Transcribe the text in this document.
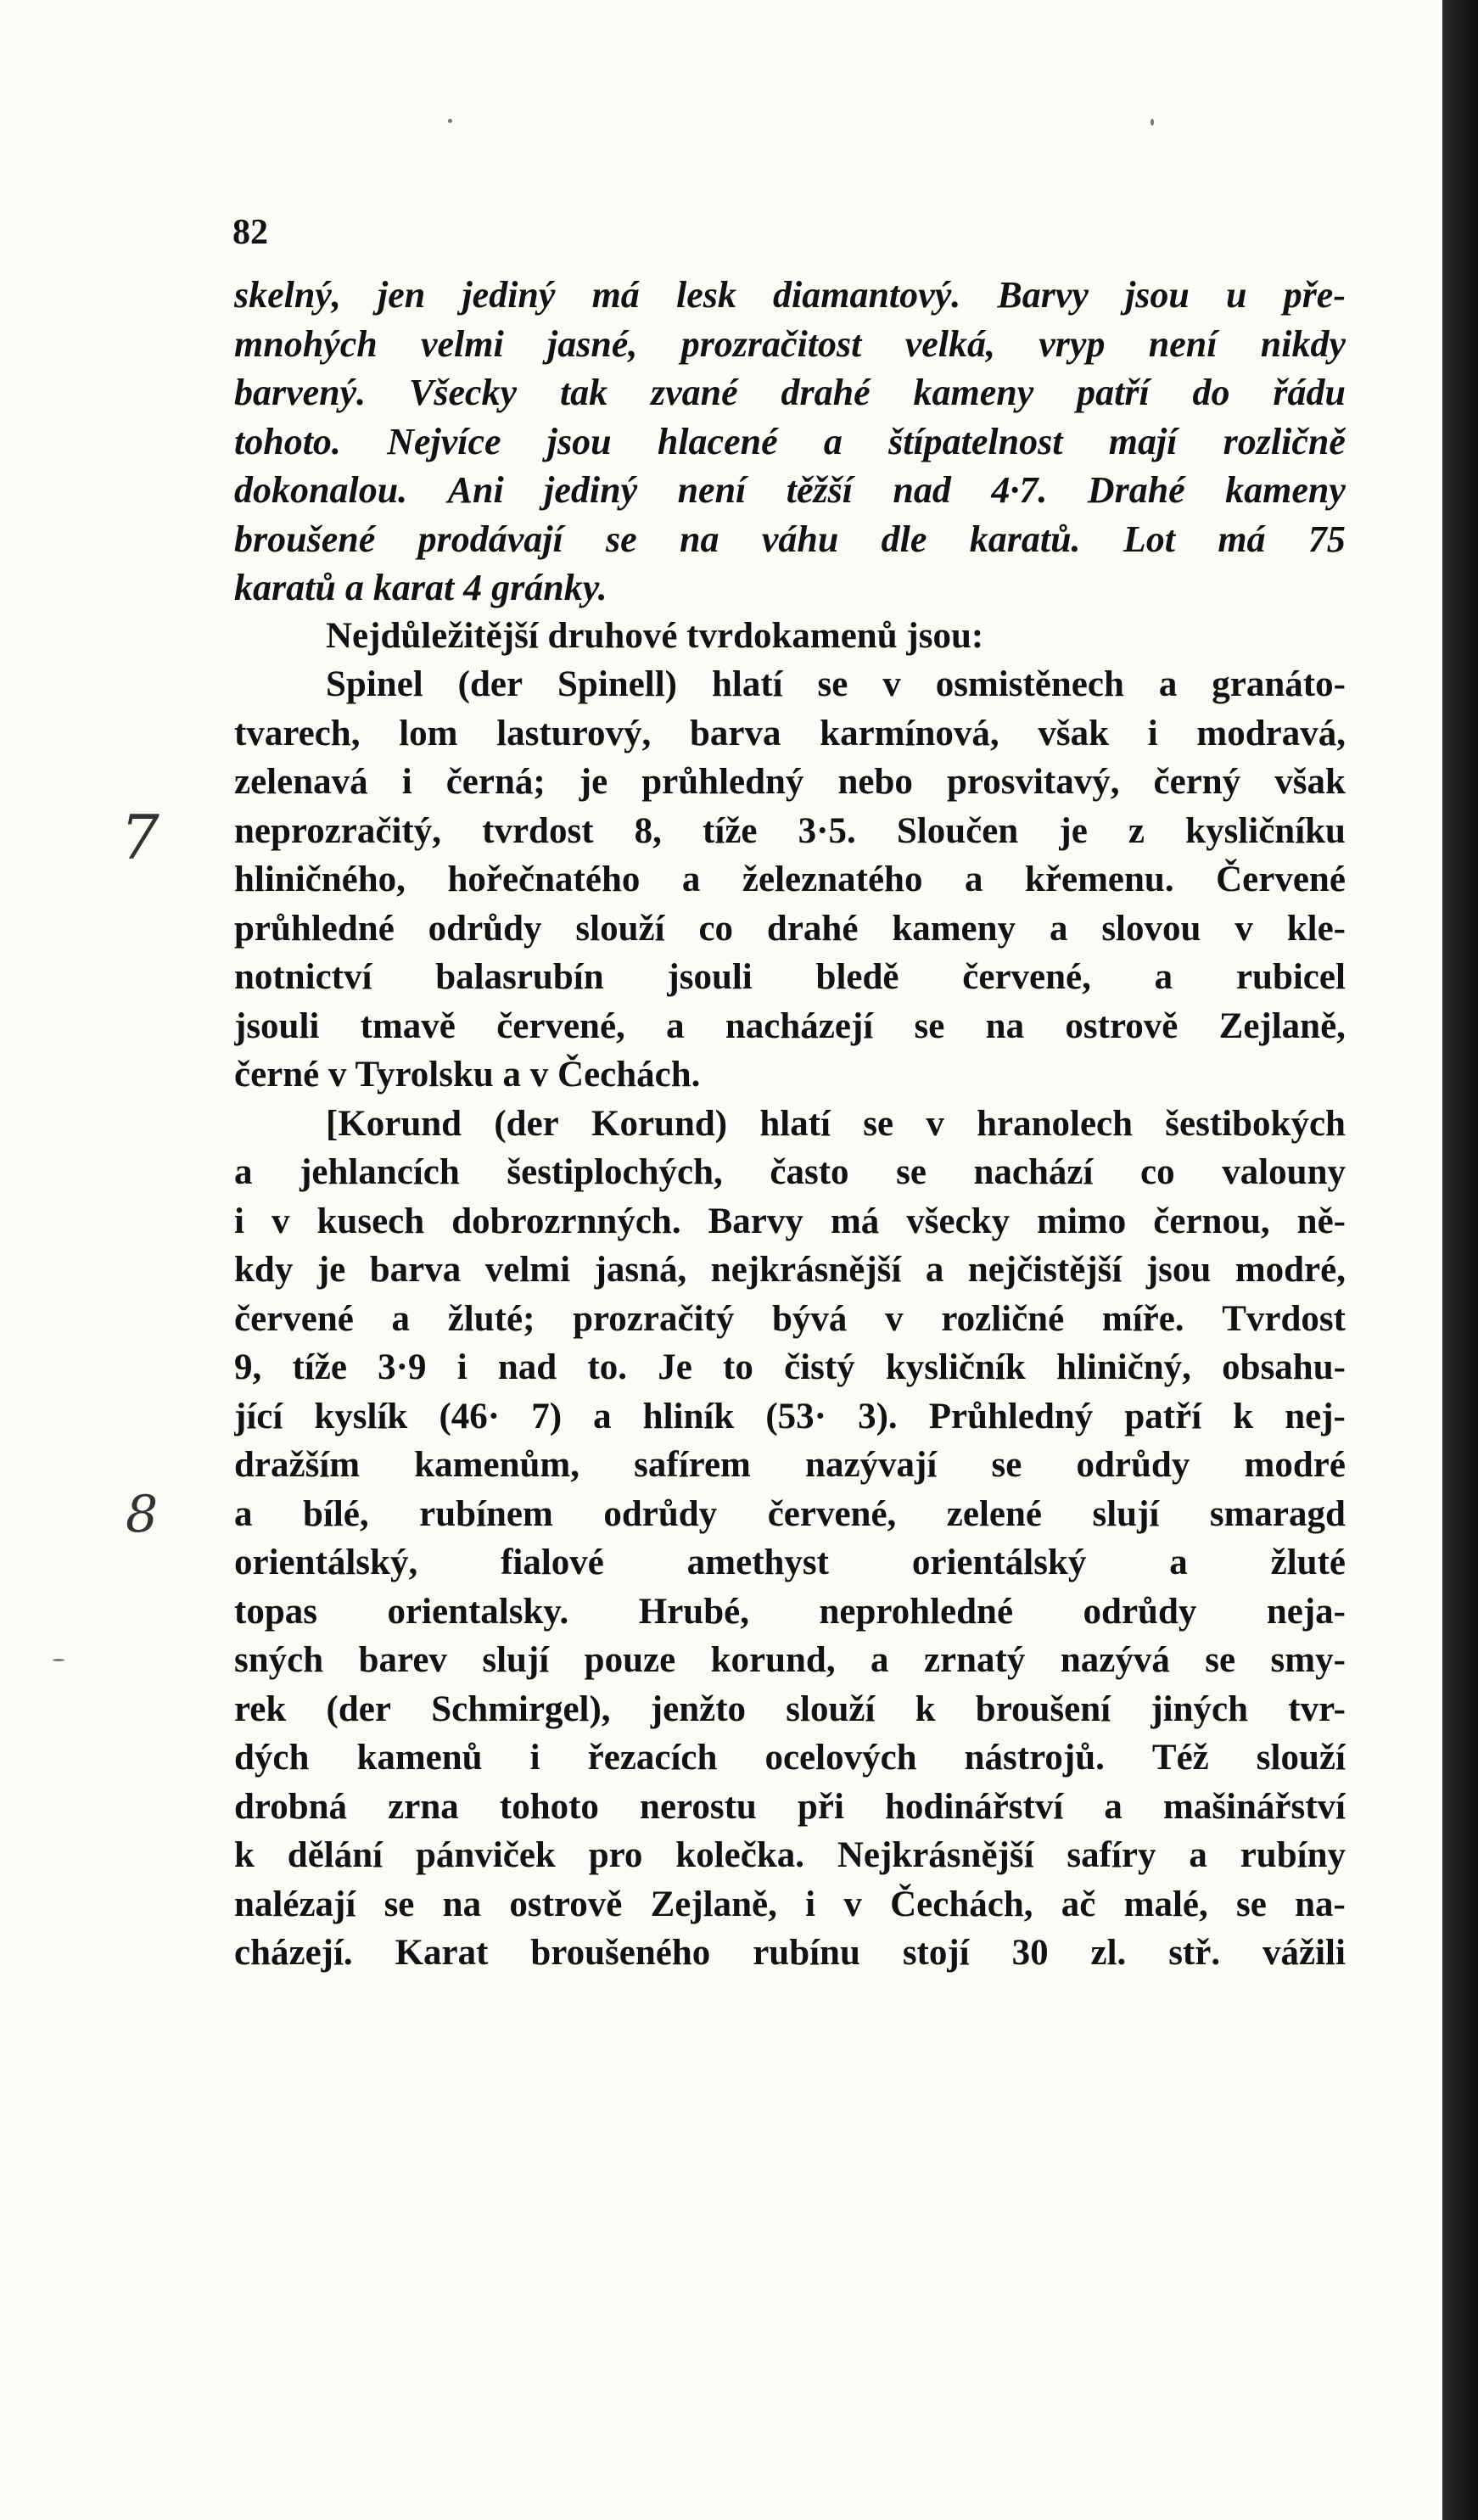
82
7
8
skelný, jen jediný má lesk diamantový. Barvy jsou u pře-
mnohých velmi jasné, prozračitost velká, vryp není nikdy
barvený. Všecky tak zvané drahé kameny patří do řádu
tohoto. Nejvíce jsou hlacené a štípatelnost mají rozličně
dokonalou. Ani jediný není těžší nad 4·7. Drahé kameny
broušené prodávají se na váhu dle karatů. Lot má 75
karatů a karat 4 gránky.
Nejdůležitější druhové tvrdokamenů jsou:
Spinel (der Spinell) hlatí se v osmistěnech a granáto-
tvarech, lom lasturový, barva karmínová, však i modravá,
zelenavá i černá; je průhledný nebo prosvitavý, černý však
neprozračitý, tvrdost 8, tíže 3·5. Sloučen je z kysličníku
hliničného, hořečnatého a železnatého a křemenu. Červené
průhledné odrůdy slouží co drahé kameny a slovou v kle-
notnictví balasrubín jsouli bledě červené, a rubicel
jsouli tmavě červené, a nacházejí se na ostrově Zejlaně,
černé v Tyrolsku a v Čechách.
[Korund (der Korund) hlatí se v hranolech šestibokých
a jehlancích šestiplochých, často se nachází co valouny
i v kusech dobrozrnných. Barvy má všecky mimo černou, ně-
kdy je barva velmi jasná, nejkrásnější a nejčistější jsou modré,
červené a žluté; prozračitý bývá v rozličné míře. Tvrdost
9, tíže 3·9 i nad to. Je to čistý kysličník hliničný, obsahu-
jící kyslík (46· 7) a hliník (53· 3). Průhledný patří k nej-
dražším kamenům, safírem nazývají se odrůdy modré
a bílé, rubínem odrůdy červené, zelené slují smaragd
orientálský, fialové amethyst orientálský a žluté
topas orientalsky. Hrubé, neprohledné odrůdy neja-
sných barev slují pouze korund, a zrnatý nazývá se smy-
rek (der Schmirgel), jenžto slouží k broušení jiných tvr-
dých kamenů i řezacích ocelových nástrojů. Též slouží
drobná zrna tohoto nerostu při hodinářství a mašinářství
k dělání pánviček pro kolečka. Nejkrásnější safíry a rubíny
nalézají se na ostrově Zejlaně, i v Čechách, ač malé, se na-
cházejí. Karat broušeného rubínu stojí 30 zl. stř. vážili
